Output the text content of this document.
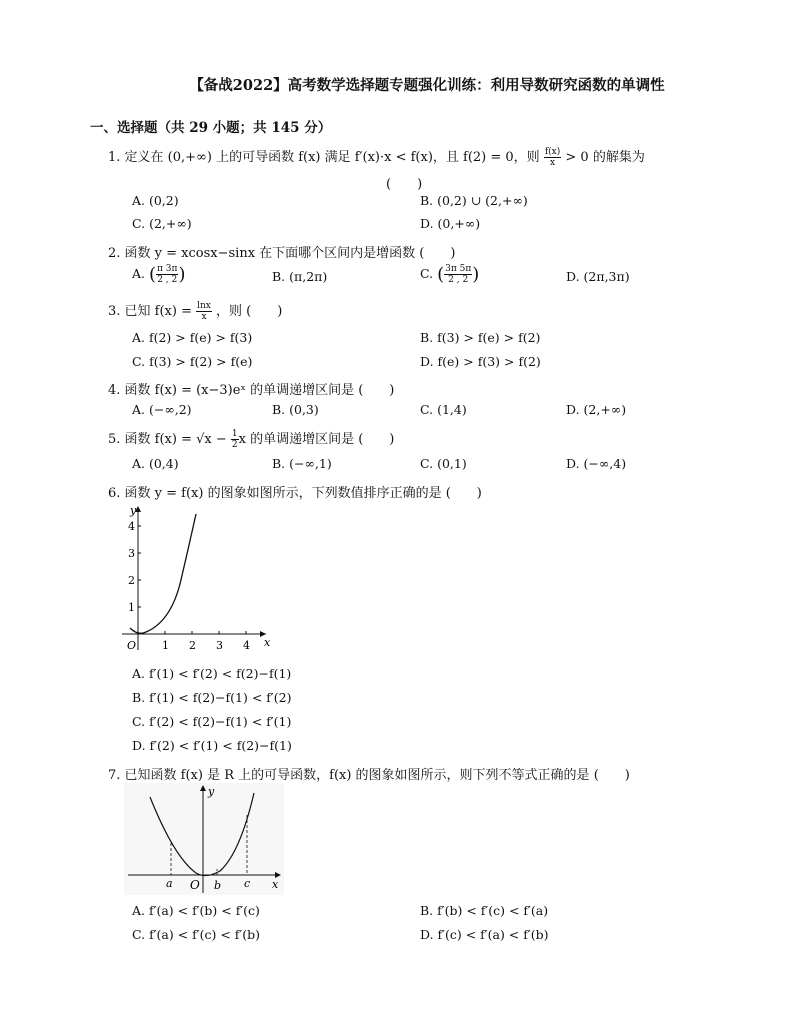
【备战2022】高考数学选择题专题强化训练：利用导数研究函数的单调性
一、选择题（共 29 小题；共 145 分）
1. 定义在 (0,+∞) 上的可导函数 f(x) 满足 f′(x)·x < f(x)，且 f(2) = 0，则 $\frac{f(x)}{x} > 0$ 的解集为
(　　)
A. (0,2)	B. (0,2) ∪ (2,+∞)
C. (2,+∞)	D. (0,+∞)
2. 函数 y = xcosx−sinx 在下面哪个区间内是增函数 (　　)
A. ( $\frac{\pi 3\pi}{2 , 2}$ )	B. (π,2π)	C. ( $\frac{3\pi 5\pi}{2 , 2}$ )	D. (2π,3π)
3. 已知 $f(x) = \frac{\ln x}{x}$ ，则 (　　)
A. f(2) > f(e) > f(3)	B. f(3) > f(e) > f(2)
C. f(3) > f(2) > f(e)	D. f(e) > f(3) > f(2)
4. 函数 f(x) = (x−3)eˣ 的单调递增区间是 (　　)
A. (−∞,2)	B. (0,3)	C. (1,4)	D. (2,+∞)
5. 函数 $f(x) = √x - \frac{1}{2}$ x 的单调递增区间是 (　　)
A. (0,4)	B. (−∞,1)	C. (0,1)	D. (−∞,4)
6. 函数 y = f(x) 的图象如图所示，下列数值排序正确的是 (　　)
y
x
O 1 2 3 4
1
2
3
4
A. f′(1) < f′(2) < f(2)−f(1)
B. f′(1) < f(2)−f(1) < f′(2)
C. f′(2) < f(2)−f(1) < f′(1)
D. f′(2) < f′(1) < f(2)−f(1)
7. 已知函数 f(x) 是 R 上的可导函数，f(x) 的图象如图所示，则下列不等式正确的是 (　　)
y
x
O
a	b c
A. f′(a) < f′(b) < f′(c)	B. f′(b) < f′(c) < f′(a)
C. f′(a) < f′(c) < f′(b)	D. f′(c) < f′(a) < f′(b)
